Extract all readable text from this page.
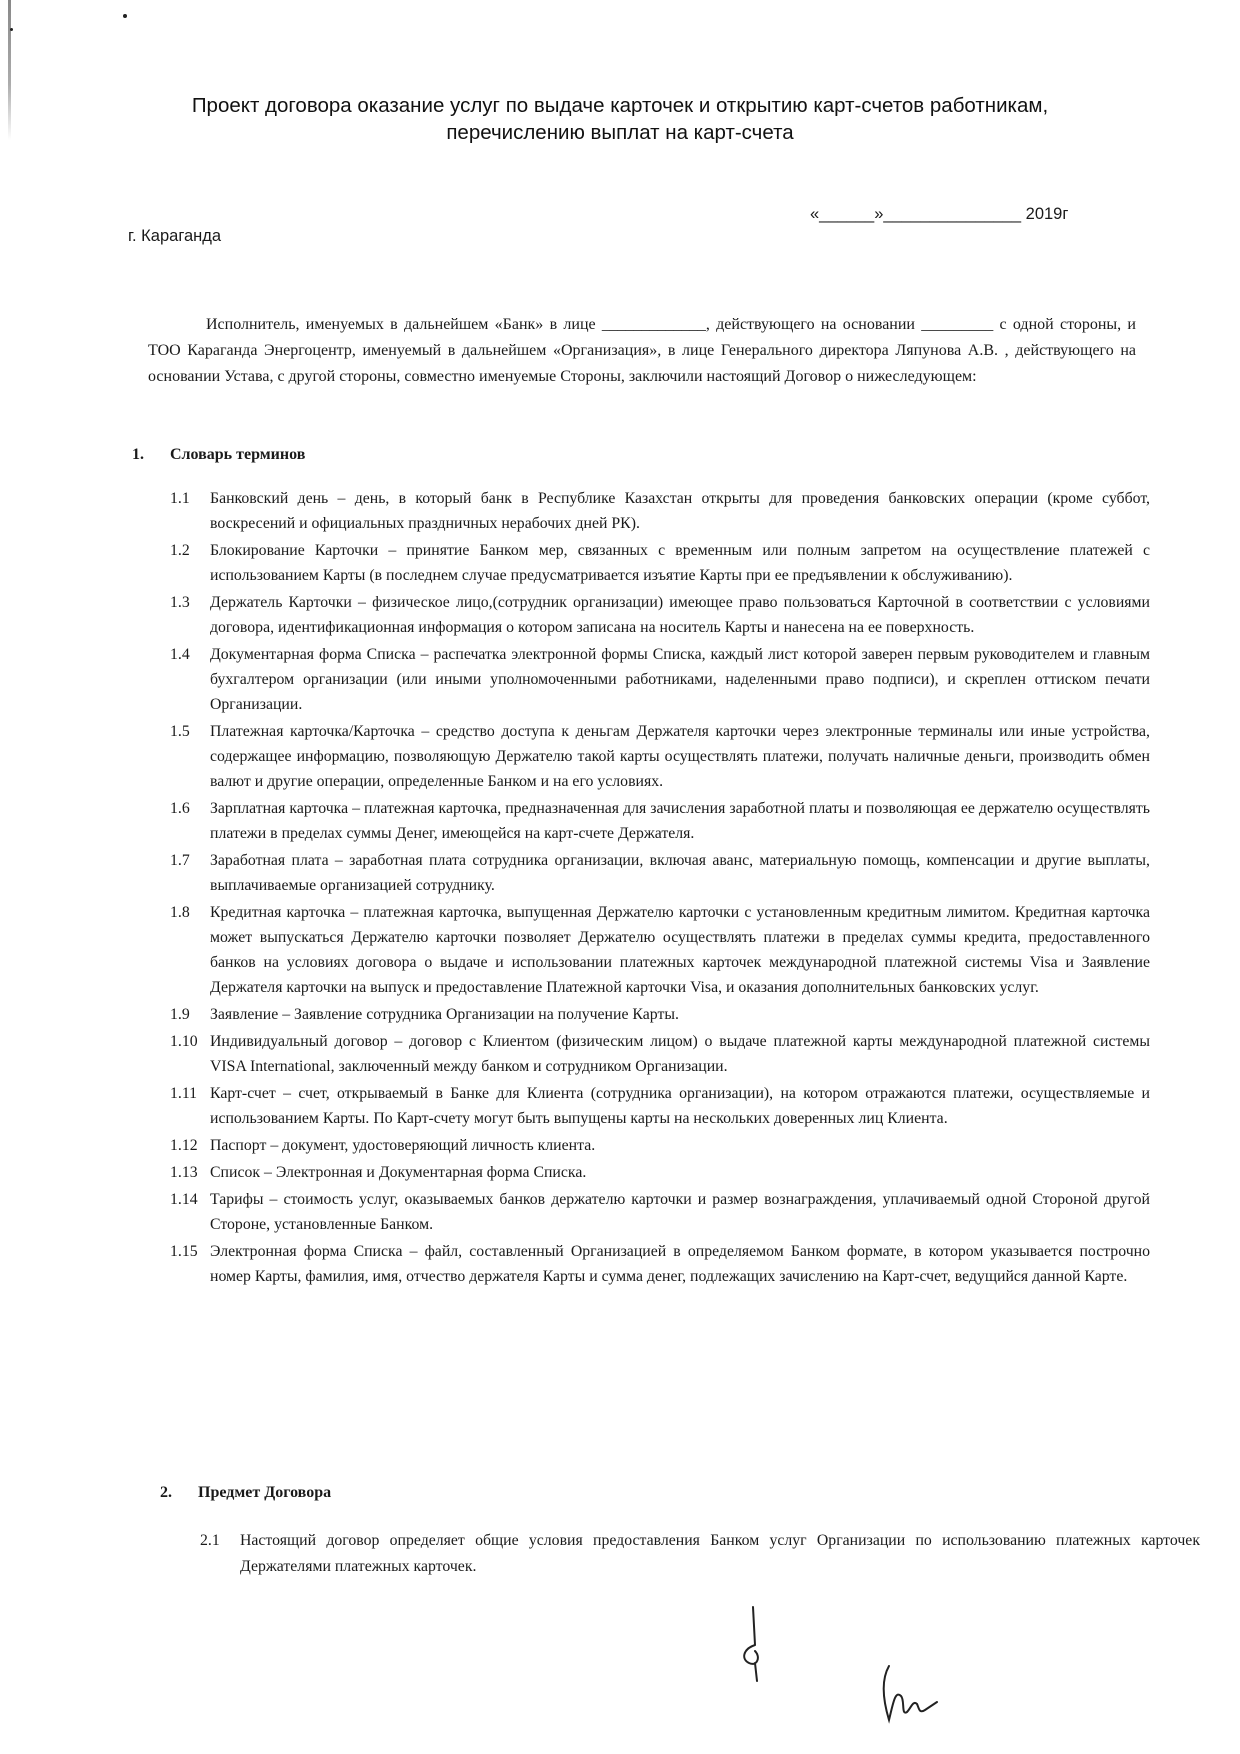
Проект договора оказание услуг по выдаче карточек и открытию карт-счетов работникам,
перечислению выплат на карт-счета
«______»_______________ 2019г
г. Караганда
Исполнитель, именуемых в дальнейшем «Банк» в лице _____________, действующего на основании _________ с одной стороны, и ТОО Караганда Энергоцентр, именуемый в дальнейшем «Организация», в лице Генерального директора Ляпунова А.В. , действующего на основании Устава, с другой стороны, совместно именуемые Стороны, заключили настоящий Договор о нижеследующем:
1. Словарь терминов
1.1 Банковский день – день, в который банк в Республике Казахстан открыты для проведения банковских операции (кроме суббот, воскресений и официальных праздничных нерабочих дней РК).
1.2 Блокирование Карточки – принятие Банком мер, связанных с временным или полным запретом на осуществление платежей с использованием Карты (в последнем случае предусматривается изъятие Карты при ее предъявлении к обслуживанию).
1.3 Держатель Карточки – физическое лицо,(сотрудник организации) имеющее право пользоваться Карточной в соответствии с условиями договора, идентификационная информация о котором записана на носитель Карты и нанесена на ее поверхность.
1.4 Документарная форма Списка – распечатка электронной формы Списка, каждый лист которой заверен первым руководителем и главным бухгалтером организации (или иными уполномоченными работниками, наделенными право подписи), и скреплен оттиском печати Организации.
1.5 Платежная карточка/Карточка – средство доступа к деньгам Держателя карточки через электронные терминалы или иные устройства, содержащее информацию, позволяющую Держателю такой карты осуществлять платежи, получать наличные деньги, производить обмен валют и другие операции, определенные Банком и на его условиях.
1.6 Зарплатная карточка – платежная карточка, предназначенная для зачисления заработной платы и позволяющая ее держателю осуществлять платежи в пределах суммы Денег, имеющейся на карт-счете Держателя.
1.7 Заработная плата – заработная плата сотрудника организации, включая аванс, материальную помощь, компенсации и другие выплаты, выплачиваемые организацией сотруднику.
1.8 Кредитная карточка – платежная карточка, выпущенная Держателю карточки с установленным кредитным лимитом. Кредитная карточка может выпускаться Держателю карточки позволяет Держателю осуществлять платежи в пределах суммы кредита, предоставленного банков на условиях договора о выдаче и использовании платежных карточек международной платежной системы Visa и Заявление Держателя карточки на выпуск и предоставление Платежной карточки Visa, и оказания дополнительных банковских услуг.
1.9 Заявление – Заявление сотрудника Организации на получение Карты.
1.10 Индивидуальный договор – договор с Клиентом (физическим лицом) о выдаче платежной карты международной платежной системы VISA International, заключенный между банком и сотрудником Организации.
1.11 Карт-счет – счет, открываемый в Банке для Клиента (сотрудника организации), на котором отражаются платежи, осуществляемые и использованием Карты. По Карт-счету могут быть выпущены карты на нескольких доверенных лиц Клиента.
1.12 Паспорт – документ, удостоверяющий личность клиента.
1.13 Список – Электронная и Документарная форма Списка.
1.14 Тарифы – стоимость услуг, оказываемых банков держателю карточки и размер вознаграждения, уплачиваемый одной Стороной другой Стороне, установленные Банком.
1.15 Электронная форма Списка – файл, составленный Организацией в определяемом Банком формате, в котором указывается построчно номер Карты, фамилия, имя, отчество держателя Карты и сумма денег, подлежащих зачислению на Карт-счет, ведущийся данной Карте.
2. Предмет Договора
2.1 Настоящий договор определяет общие условия предоставления Банком услуг Организации по использованию платежных карточек Держателями платежных карточек.
